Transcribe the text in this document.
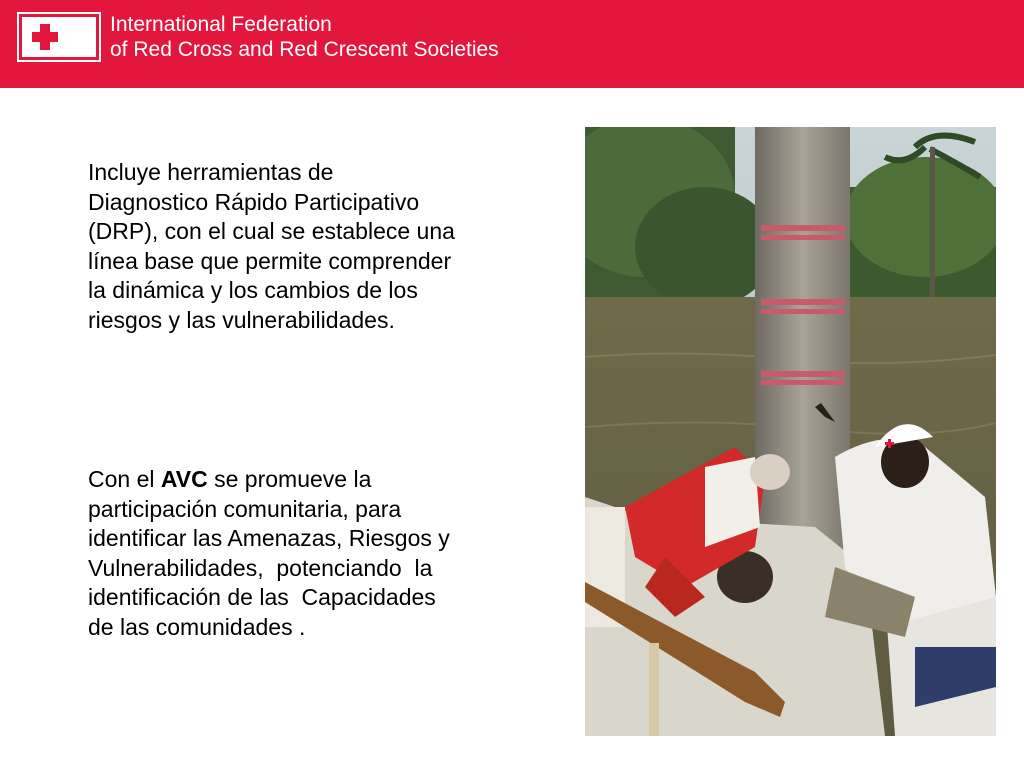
International Federation
of Red Cross and Red Crescent Societies
Incluye herramientas de
Diagnostico Rápido Participativo
(DRP), con el cual se establece una
línea base que permite comprender
la dinámica y los cambios de los
riesgos y las vulnerabilidades.
Con el AVC se promueve la
participación comunitaria, para
identificar las Amenazas, Riesgos y
Vulnerabilidades,  potenciando  la
identificación de las  Capacidades
de las comunidades .
